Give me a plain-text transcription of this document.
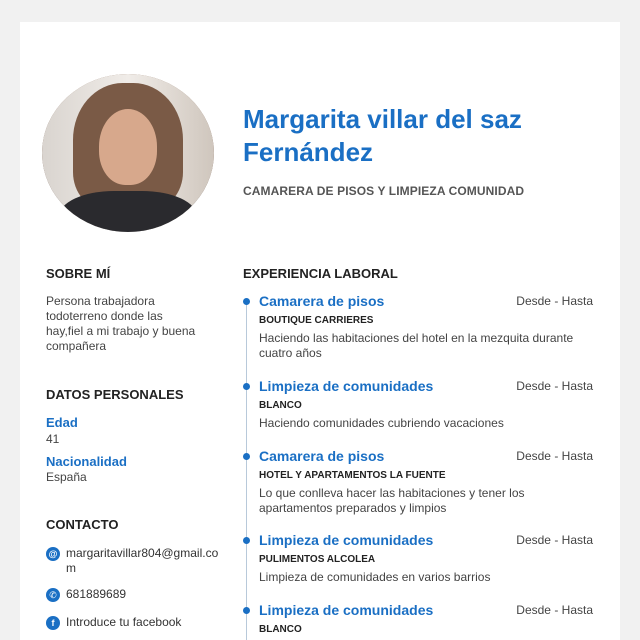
Margarita villar del saz Fernández
CAMARERA DE PISOS Y LIMPIEZA COMUNIDAD
SOBRE MÍ
Persona trabajadora todoterreno donde las hay,fiel a mi trabajo y buena compañera
DATOS PERSONALES
Edad
41
Nacionalidad
España
CONTACTO
@ margaritavillar804@gmail.com
✆ 681889689
f Introduce tu facebook
EXPERIENCIA LABORAL
Camarera de pisos	Desde - Hasta
BOUTIQUE CARRIERES
Haciendo las habitaciones del hotel en la mezquita durante cuatro años
Limpieza de comunidades	Desde - Hasta
BLANCO
Haciendo comunidades cubriendo vacaciones
Camarera de pisos	Desde - Hasta
HOTEL Y APARTAMENTOS LA FUENTE
Lo que conlleva hacer las habitaciones y tener los apartamentos preparados y limpios
Limpieza de comunidades	Desde - Hasta
PULIMENTOS ALCOLEA
Limpieza de comunidades en varios barrios
Limpieza de comunidades	Desde - Hasta
BLANCO
